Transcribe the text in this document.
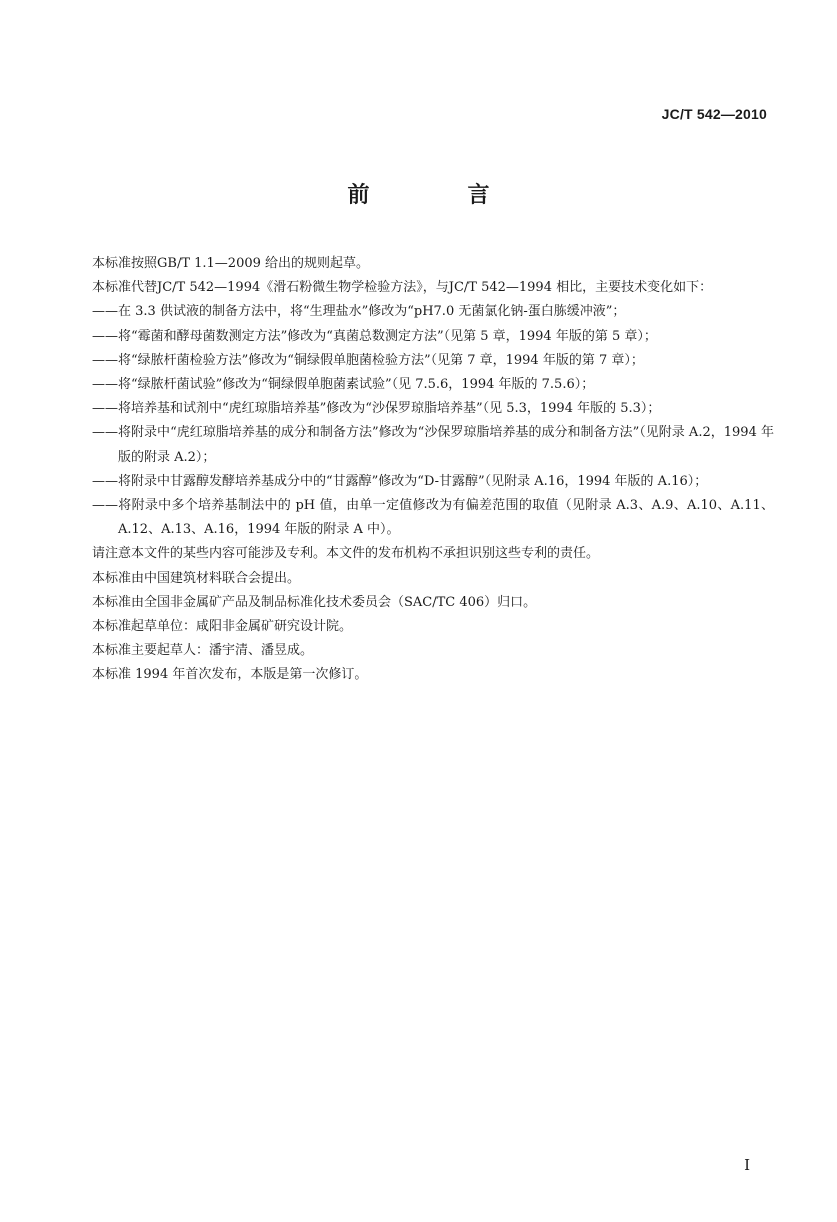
JC/T 542—2010
前　言

本标准按照GB/T 1.1—2009 给出的规则起草。

本标准代替JC/T 542—1994《滑石粉微生物学检验方法》，与JC/T 542—1994 相比，主要技术变化如下：

——在 3.3 供试液的制备方法中，将“生理盐水”修改为“pH7.0 无菌氯化钠-蛋白胨缓冲液”；

——将“霉菌和酵母菌数测定方法”修改为“真菌总数测定方法”（见第 5 章，1994 年版的第 5 章）；

——将“绿脓杆菌检验方法”修改为“铜绿假单胞菌检验方法”（见第 7 章，1994 年版的第 7 章）；

——将“绿脓杆菌试验”修改为“铜绿假单胞菌素试验”（见 7.5.6，1994 年版的 7.5.6）；

——将培养基和试剂中“虎红琼脂培养基”修改为“沙保罗琼脂培养基”（见 5.3，1994 年版的 5.3）；

——将附录中“虎红琼脂培养基的成分和制备方法”修改为“沙保罗琼脂培养基的成分和制备方法”（见附录 A.2，1994 年版的附录 A.2）；

——将附录中甘露醇发酵培养基成分中的“甘露醇”修改为“D-甘露醇”（见附录 A.16，1994 年版的 A.16）；

——将附录中多个培养基制法中的 pH 值，由单一定值修改为有偏差范围的取值（见附录 A.3、A.9、A.10、A.11、A.12、A.13、A.16，1994 年版的附录 A 中）。

请注意本文件的某些内容可能涉及专利。本文件的发布机构不承担识别这些专利的责任。

本标准由中国建筑材料联合会提出。

本标准由全国非金属矿产品及制品标准化技术委员会（SAC/TC 406）归口。

本标准起草单位：咸阳非金属矿研究设计院。

本标准主要起草人：潘宇清、潘昱成。

本标准 1994 年首次发布，本版是第一次修订。

I
